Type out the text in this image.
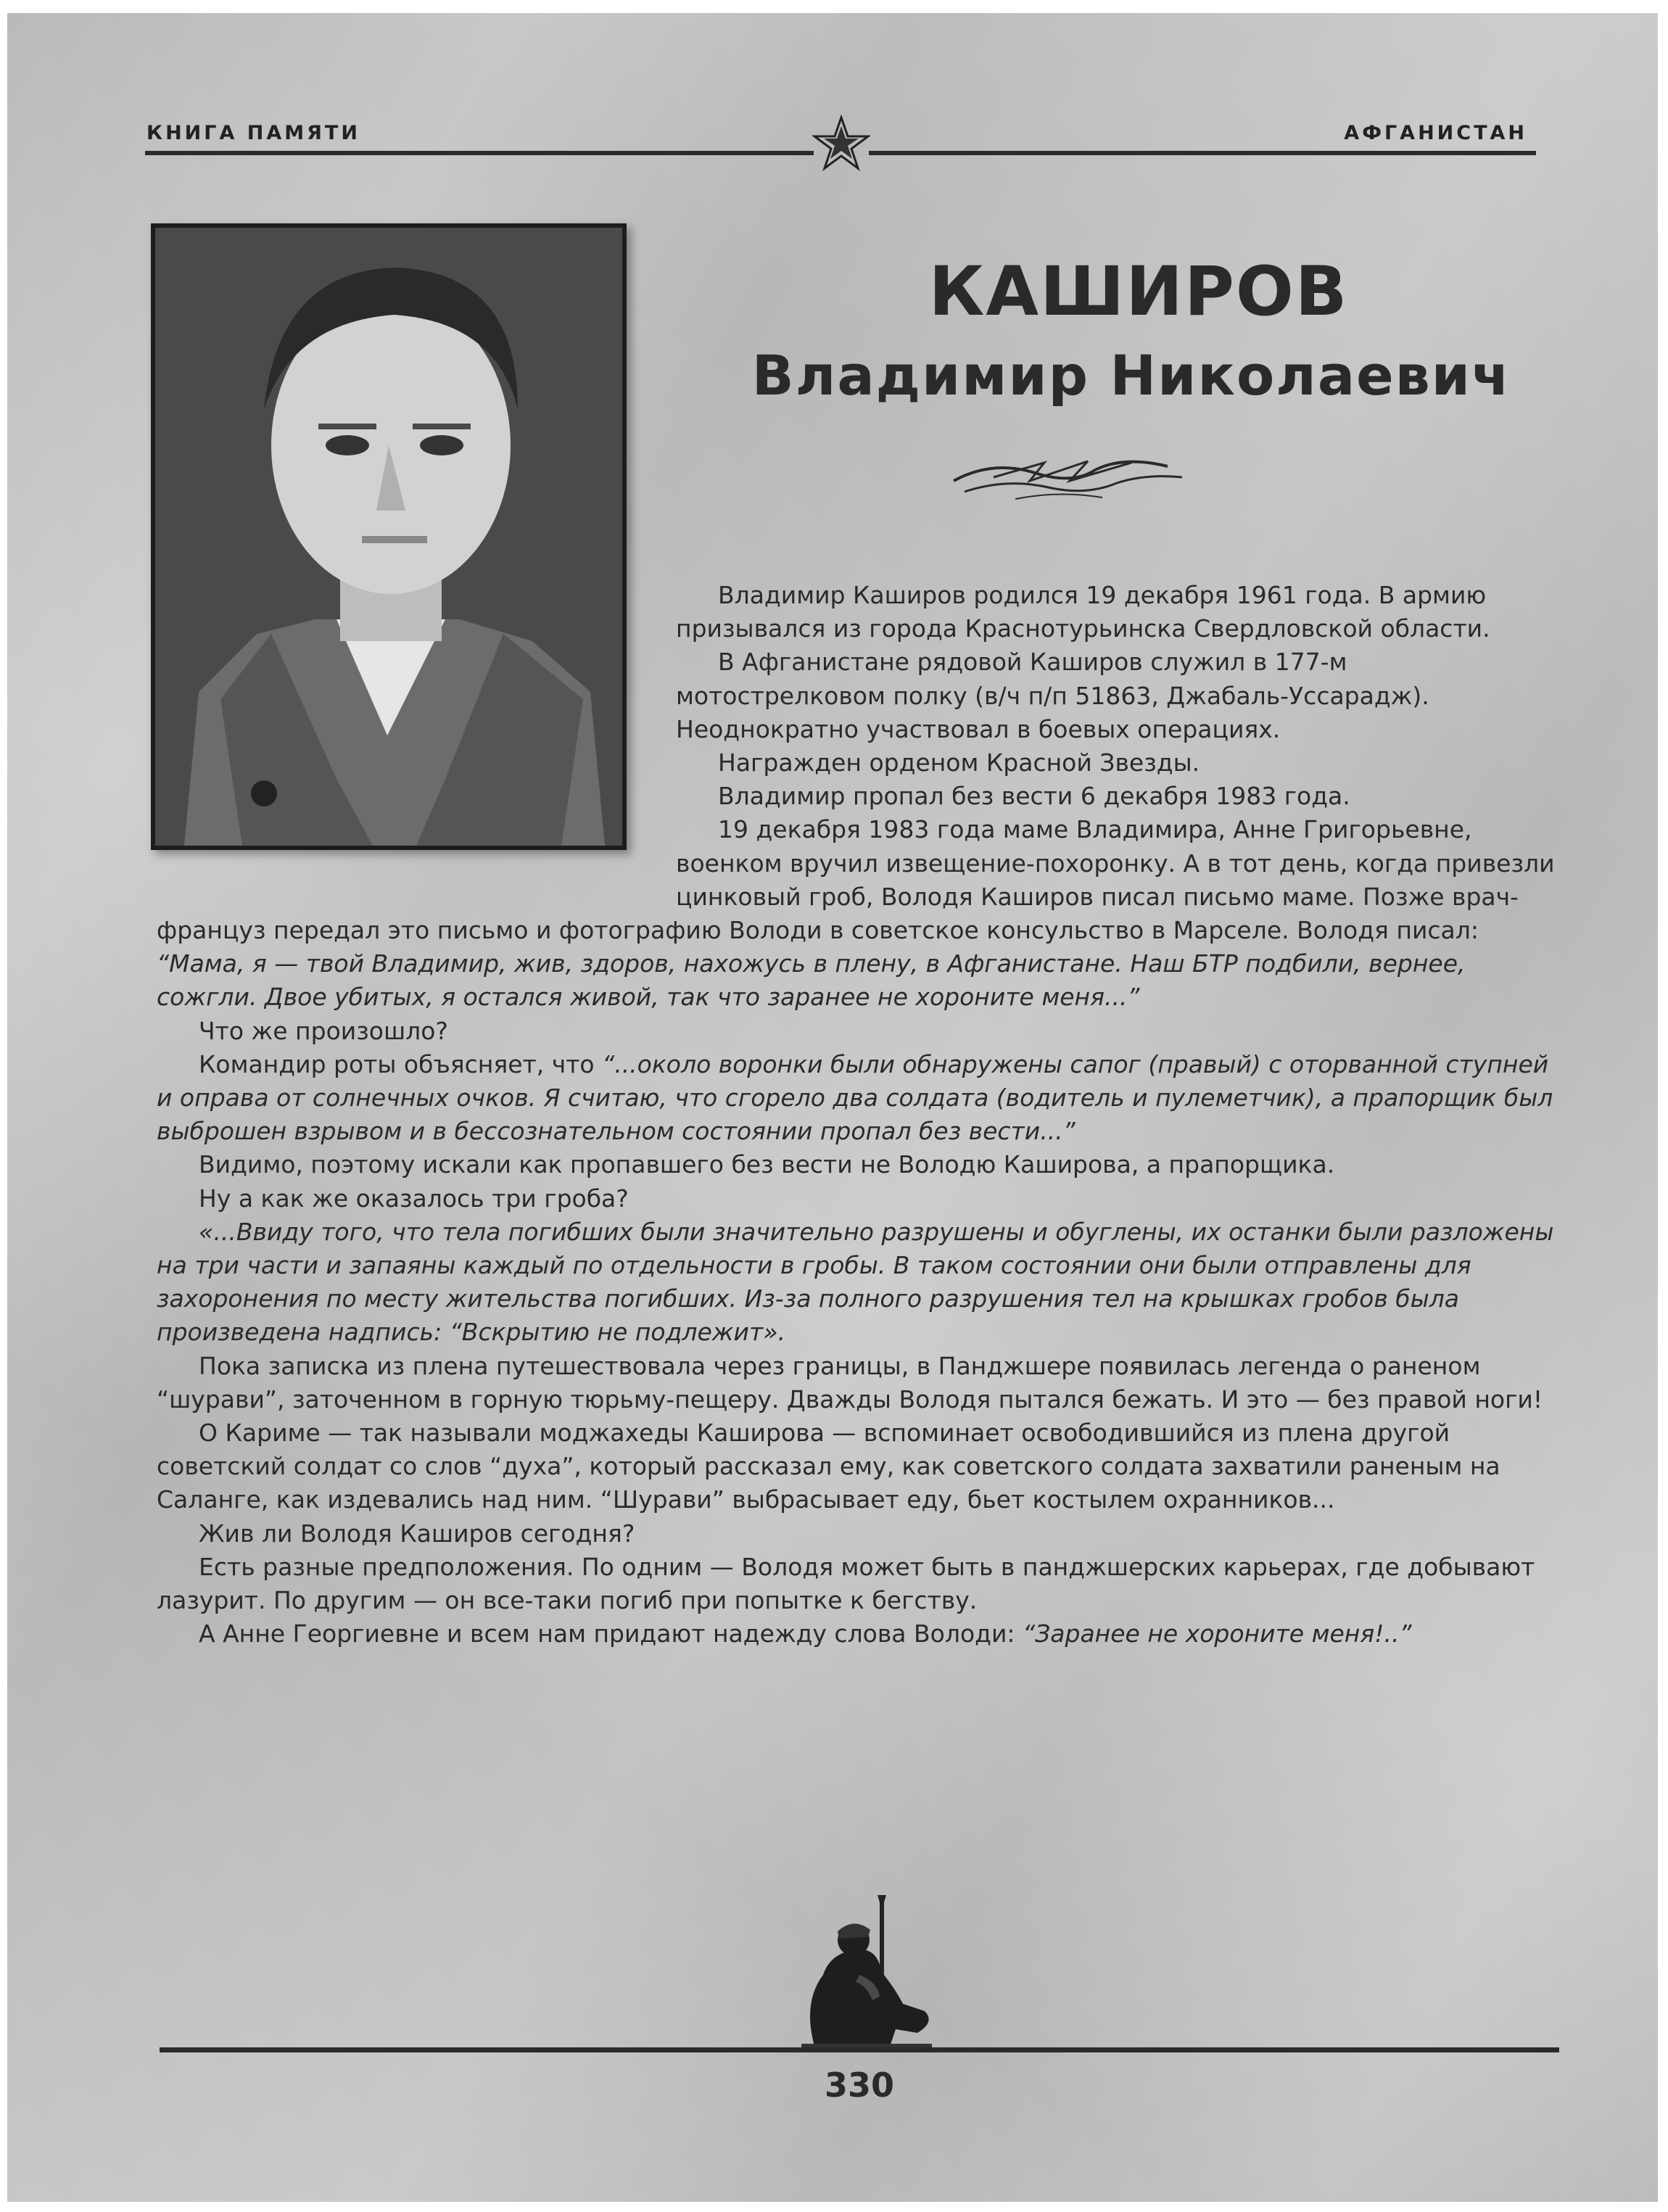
КНИГА ПАМЯТИ	АФГАНИСТАН
КАШИРОВ
Владимир Николаевич

Владимир Каширов родился 19 декабря 1961 года. В армию призывался из города Краснотурьинска Свердловской области.

В Афганистане рядовой Каширов служил в 177-м мотострелковом полку (в/ч п/п 51863, Джабаль-Уссарадж). Неоднократно участвовал в боевых операциях.

Награжден орденом Красной Звезды.

Владимир пропал без вести 6 декабря 1983 года.

19 декабря 1983 года маме Владимира, Анне Григорьевне, военком вручил извещение-похоронку. А в тот день, когда привезли цинковый гроб, Володя Каширов писал письмо маме. Позже врач-француз передал это письмо и фотографию Володи в советское консульство в Марселе. Володя писал: “Мама, я — твой Владимир, жив, здоров, нахожусь в плену, в Афганистане. Наш БТР подбили, вернее, сожгли. Двое убитых, я остался живой, так что заранее не хороните меня...”

Что же произошло?

Командир роты объясняет, что “...около воронки были обнаружены сапог (правый) с оторванной ступней и оправа от солнечных очков. Я считаю, что сгорело два солдата (водитель и пулеметчик), а прапорщик был выброшен взрывом и в бессознательном состоянии пропал без вести...”

Видимо, поэтому искали как пропавшего без вести не Володю Каширова, а прапорщика.

Ну а как же оказалось три гроба?

«...Ввиду того, что тела погибших были значительно разрушены и обуглены, их останки были разложены на три части и запаяны каждый по отдельности в гробы. В таком состоянии они были отправлены для захоронения по месту жительства погибших. Из-за полного разрушения тел на крышках гробов была произведена надпись: “Вскрытию не подлежит».

Пока записка из плена путешествовала через границы, в Панджшере появилась легенда о раненом “шурави”, заточенном в горную тюрьму-пещеру. Дважды Володя пытался бежать. И это — без правой ноги!

О Кариме — так называли моджахеды Каширова — вспоминает освободившийся из плена другой советский солдат со слов “духа”, который рассказал ему, как советского солдата захватили раненым на Саланге, как издевались над ним. “Шурави” выбрасывает еду, бьет костылем охранников...

Жив ли Володя Каширов сегодня?

Есть разные предположения. По одним — Володя может быть в панджшерских карьерах, где добывают лазурит. По другим — он все-таки погиб при попытке к бегству.

А Анне Георгиевне и всем нам придают надежду слова Володи: “Заранее не хороните меня!..”

330
